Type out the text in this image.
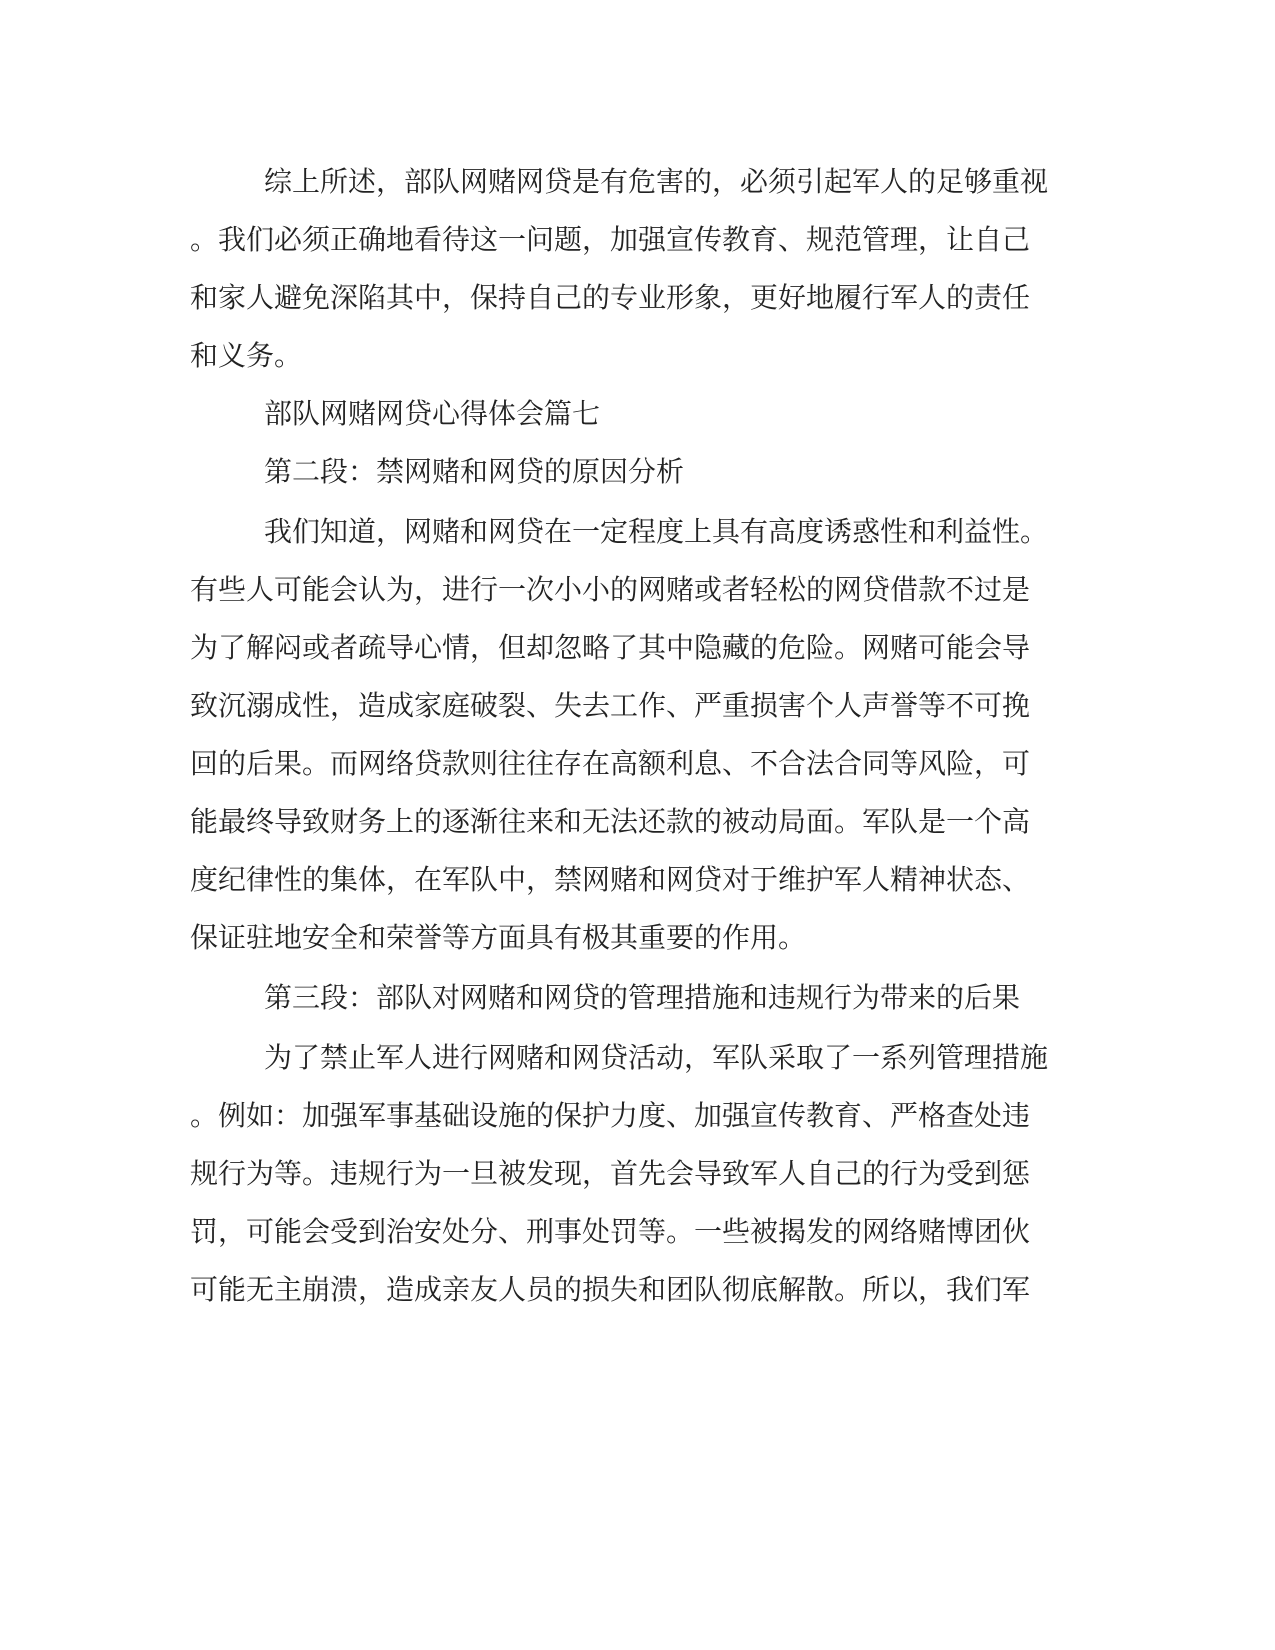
综上所述，部队网赌网贷是有危害的，必须引起军人的足够重视

。我们必须正确地看待这一问题，加强宣传教育、规范管理，让自己

和家人避免深陷其中，保持自己的专业形象，更好地履行军人的责任

和义务。

部队网赌网贷心得体会篇七

第二段：禁网赌和网贷的原因分析

我们知道，网赌和网贷在一定程度上具有高度诱惑性和利益性。

有些人可能会认为，进行一次小小的网赌或者轻松的网贷借款不过是

为了解闷或者疏导心情，但却忽略了其中隐藏的危险。网赌可能会导

致沉溺成性，造成家庭破裂、失去工作、严重损害个人声誉等不可挽

回的后果。而网络贷款则往往存在高额利息、不合法合同等风险，可

能最终导致财务上的逐渐往来和无法还款的被动局面。军队是一个高

度纪律性的集体，在军队中，禁网赌和网贷对于维护军人精神状态、

保证驻地安全和荣誉等方面具有极其重要的作用。

第三段：部队对网赌和网贷的管理措施和违规行为带来的后果

为了禁止军人进行网赌和网贷活动，军队采取了一系列管理措施

。例如：加强军事基础设施的保护力度、加强宣传教育、严格查处违

规行为等。违规行为一旦被发现，首先会导致军人自己的行为受到惩

罚，可能会受到治安处分、刑事处罚等。一些被揭发的网络赌博团伙

可能无主崩溃，造成亲友人员的损失和团队彻底解散。所以，我们军
